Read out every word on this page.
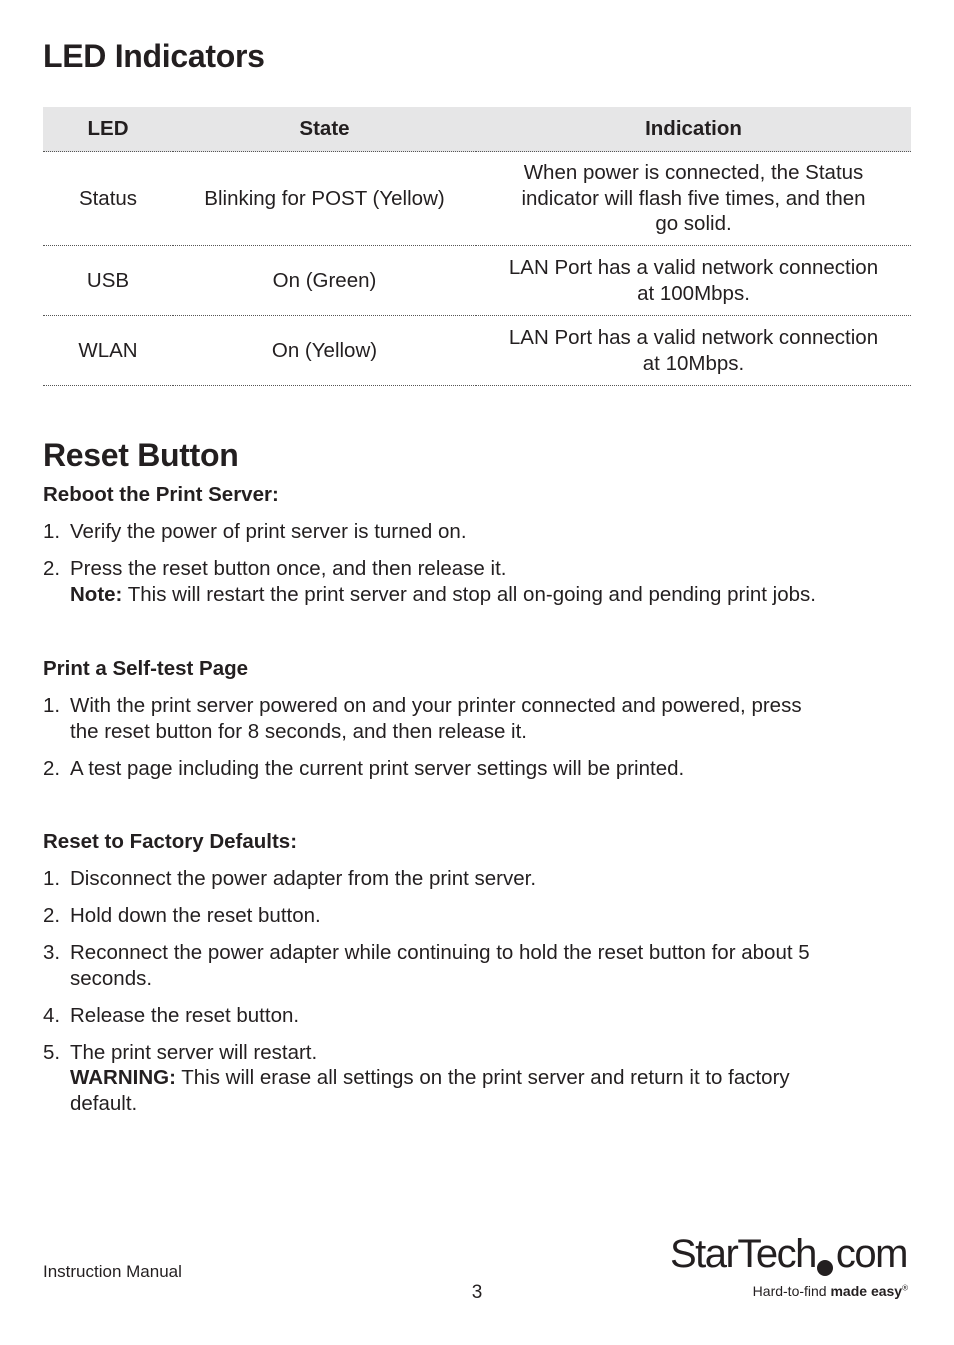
LED Indicators
LED	State	Indication
Status	Blinking for POST (Yellow)	When power is connected, the Status
indicator will flash five times, and then
go solid.

USB	On (Green)	LAN Port has a valid network connection
at 100Mbps.

WLAN	On (Yellow)	LAN Port has a valid network connection
at 10Mbps.
Reset Button
Reboot the Print Server:
1. Verify the power of print server is turned on.
2. Press the reset button once, and then release it.
Note: This will restart the print server and stop all on-going and pending print jobs.
Print a Self-test Page
1. With the print server powered on and your printer connected and powered, press
the reset button for 8 seconds, and then release it.
2. A test page including the current print server settings will be printed.
Reset to Factory Defaults:
1. Disconnect the power adapter from the print server.
2. Hold down the reset button.
3. Reconnect the power adapter while continuing to hold the reset button for about 5
seconds.
4. Release the reset button.
5. The print server will restart.
WARNING: This will erase all settings on the print server and return it to factory
default.
Instruction Manual
3
StarTech com
Hard-to-find made easy®
